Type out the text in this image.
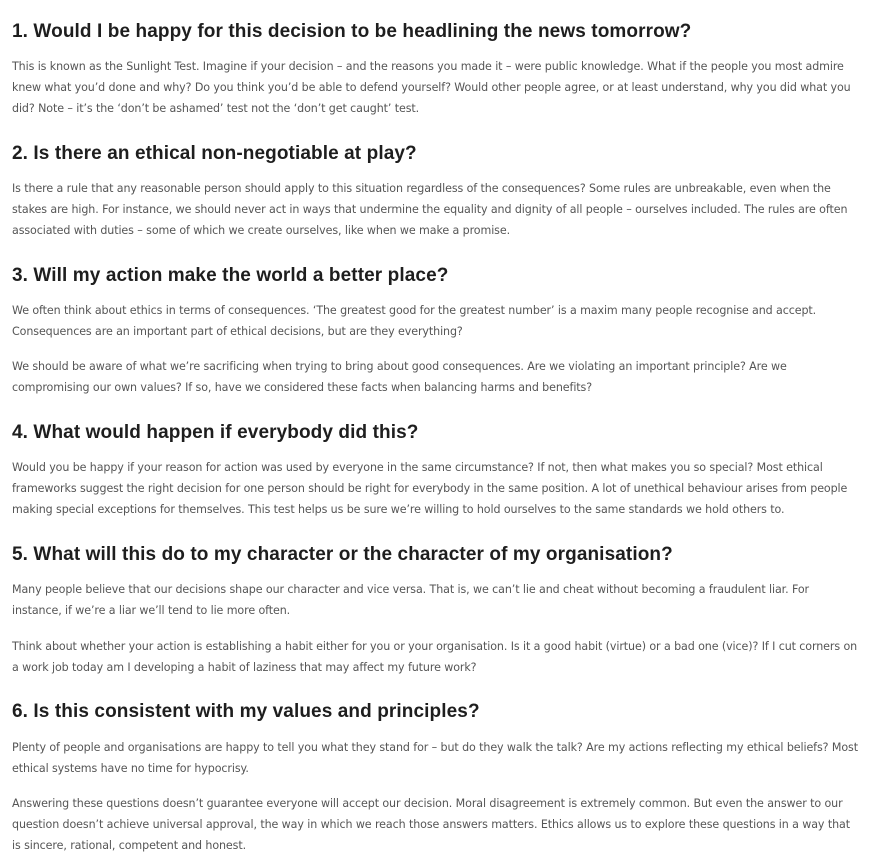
1. Would I be happy for this decision to be headlining the news tomorrow?

This is known as the Sunlight Test. Imagine if your decision – and the reasons you made it – were public knowledge. What if the people you most admire knew what you’d done and why? Do you think you’d be able to defend yourself? Would other people agree, or at least understand, why you did what you did? Note – it’s the ‘don’t be ashamed’ test not the ‘don’t get caught’ test.

2. Is there an ethical non-negotiable at play?

Is there a rule that any reasonable person should apply to this situation regardless of the consequences? Some rules are unbreakable, even when the stakes are high. For instance, we should never act in ways that undermine the equality and dignity of all people – ourselves included. The rules are often associated with duties – some of which we create ourselves, like when we make a promise.

3. Will my action make the world a better place?

We often think about ethics in terms of consequences. ‘The greatest good for the greatest number’ is a maxim many people recognise and accept. Consequences are an important part of ethical decisions, but are they everything?

We should be aware of what we’re sacrificing when trying to bring about good consequences. Are we violating an important principle? Are we compromising our own values? If so, have we considered these facts when balancing harms and benefits?

4. What would happen if everybody did this?

Would you be happy if your reason for action was used by everyone in the same circumstance? If not, then what makes you so special? Most ethical frameworks suggest the right decision for one person should be right for everybody in the same position. A lot of unethical behaviour arises from people making special exceptions for themselves. This test helps us be sure we’re willing to hold ourselves to the same standards we hold others to.

5. What will this do to my character or the character of my organisation?

Many people believe that our decisions shape our character and vice versa. That is, we can’t lie and cheat without becoming a fraudulent liar. For instance, if we’re a liar we’ll tend to lie more often.

Think about whether your action is establishing a habit either for you or your organisation. Is it a good habit (virtue) or a bad one (vice)? If I cut corners on a work job today am I developing a habit of laziness that may affect my future work?

6. Is this consistent with my values and principles?

Plenty of people and organisations are happy to tell you what they stand for – but do they walk the talk? Are my actions reflecting my ethical beliefs? Most ethical systems have no time for hypocrisy.

Answering these questions doesn’t guarantee everyone will accept our decision. Moral disagreement is extremely common. But even the answer to our question doesn’t achieve universal approval, the way in which we reach those answers matters. Ethics allows us to explore these questions in a way that is sincere, rational, competent and honest.
